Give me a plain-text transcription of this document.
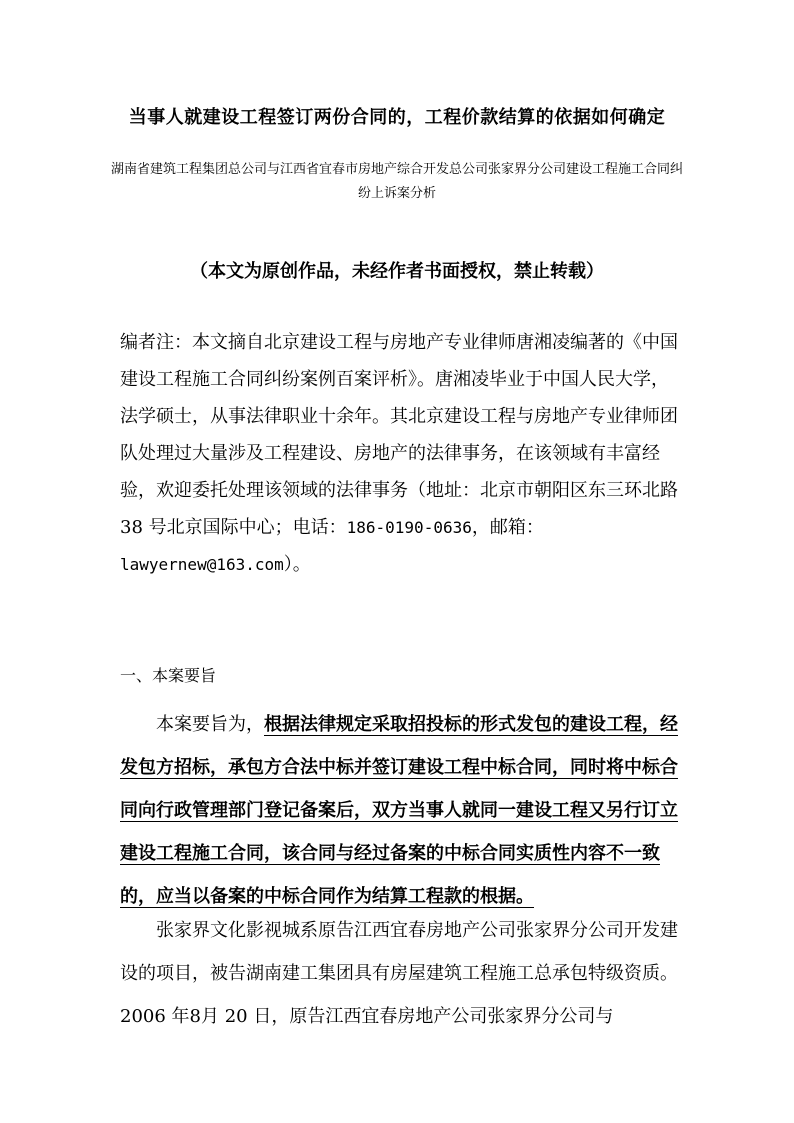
当事人就建设工程签订两份合同的，工程价款结算的依据如何确定
湖南省建筑工程集团总公司与江西省宜春市房地产综合开发总公司张家界分公司建设工程施工合同纠纷上诉案分析
（本文为原创作品，未经作者书面授权，禁止转载）
编者注：本文摘自北京建设工程与房地产专业律师唐湘凌编著的《中国建设工程施工合同纠纷案例百案评析》。唐湘凌毕业于中国人民大学，法学硕士，从事法律职业十余年。其北京建设工程与房地产专业律师团队处理过大量涉及工程建设、房地产的法律事务，在该领域有丰富经验，欢迎委托处理该领域的法律事务（地址：北京市朝阳区东三环北路 38 号北京国际中心；电话：186-0190-0636，邮箱：lawyernew@163.com）。
一、本案要旨
本案要旨为，根据法律规定采取招投标的形式发包的建设工程，经发包方招标，承包方合法中标并签订建设工程中标合同，同时将中标合同向行政管理部门登记备案后，双方当事人就同一建设工程又另行订立建设工程施工合同，该合同与经过备案的中标合同实质性内容不一致的，应当以备案的中标合同作为结算工程款的根据。
张家界文化影视城系原告江西宜春房地产公司张家界分公司开发建设的项目，被告湖南建工集团具有房屋建筑工程施工总承包特级资质。2006 年8月 20 日，原告江西宜春房地产公司张家界分公司与
